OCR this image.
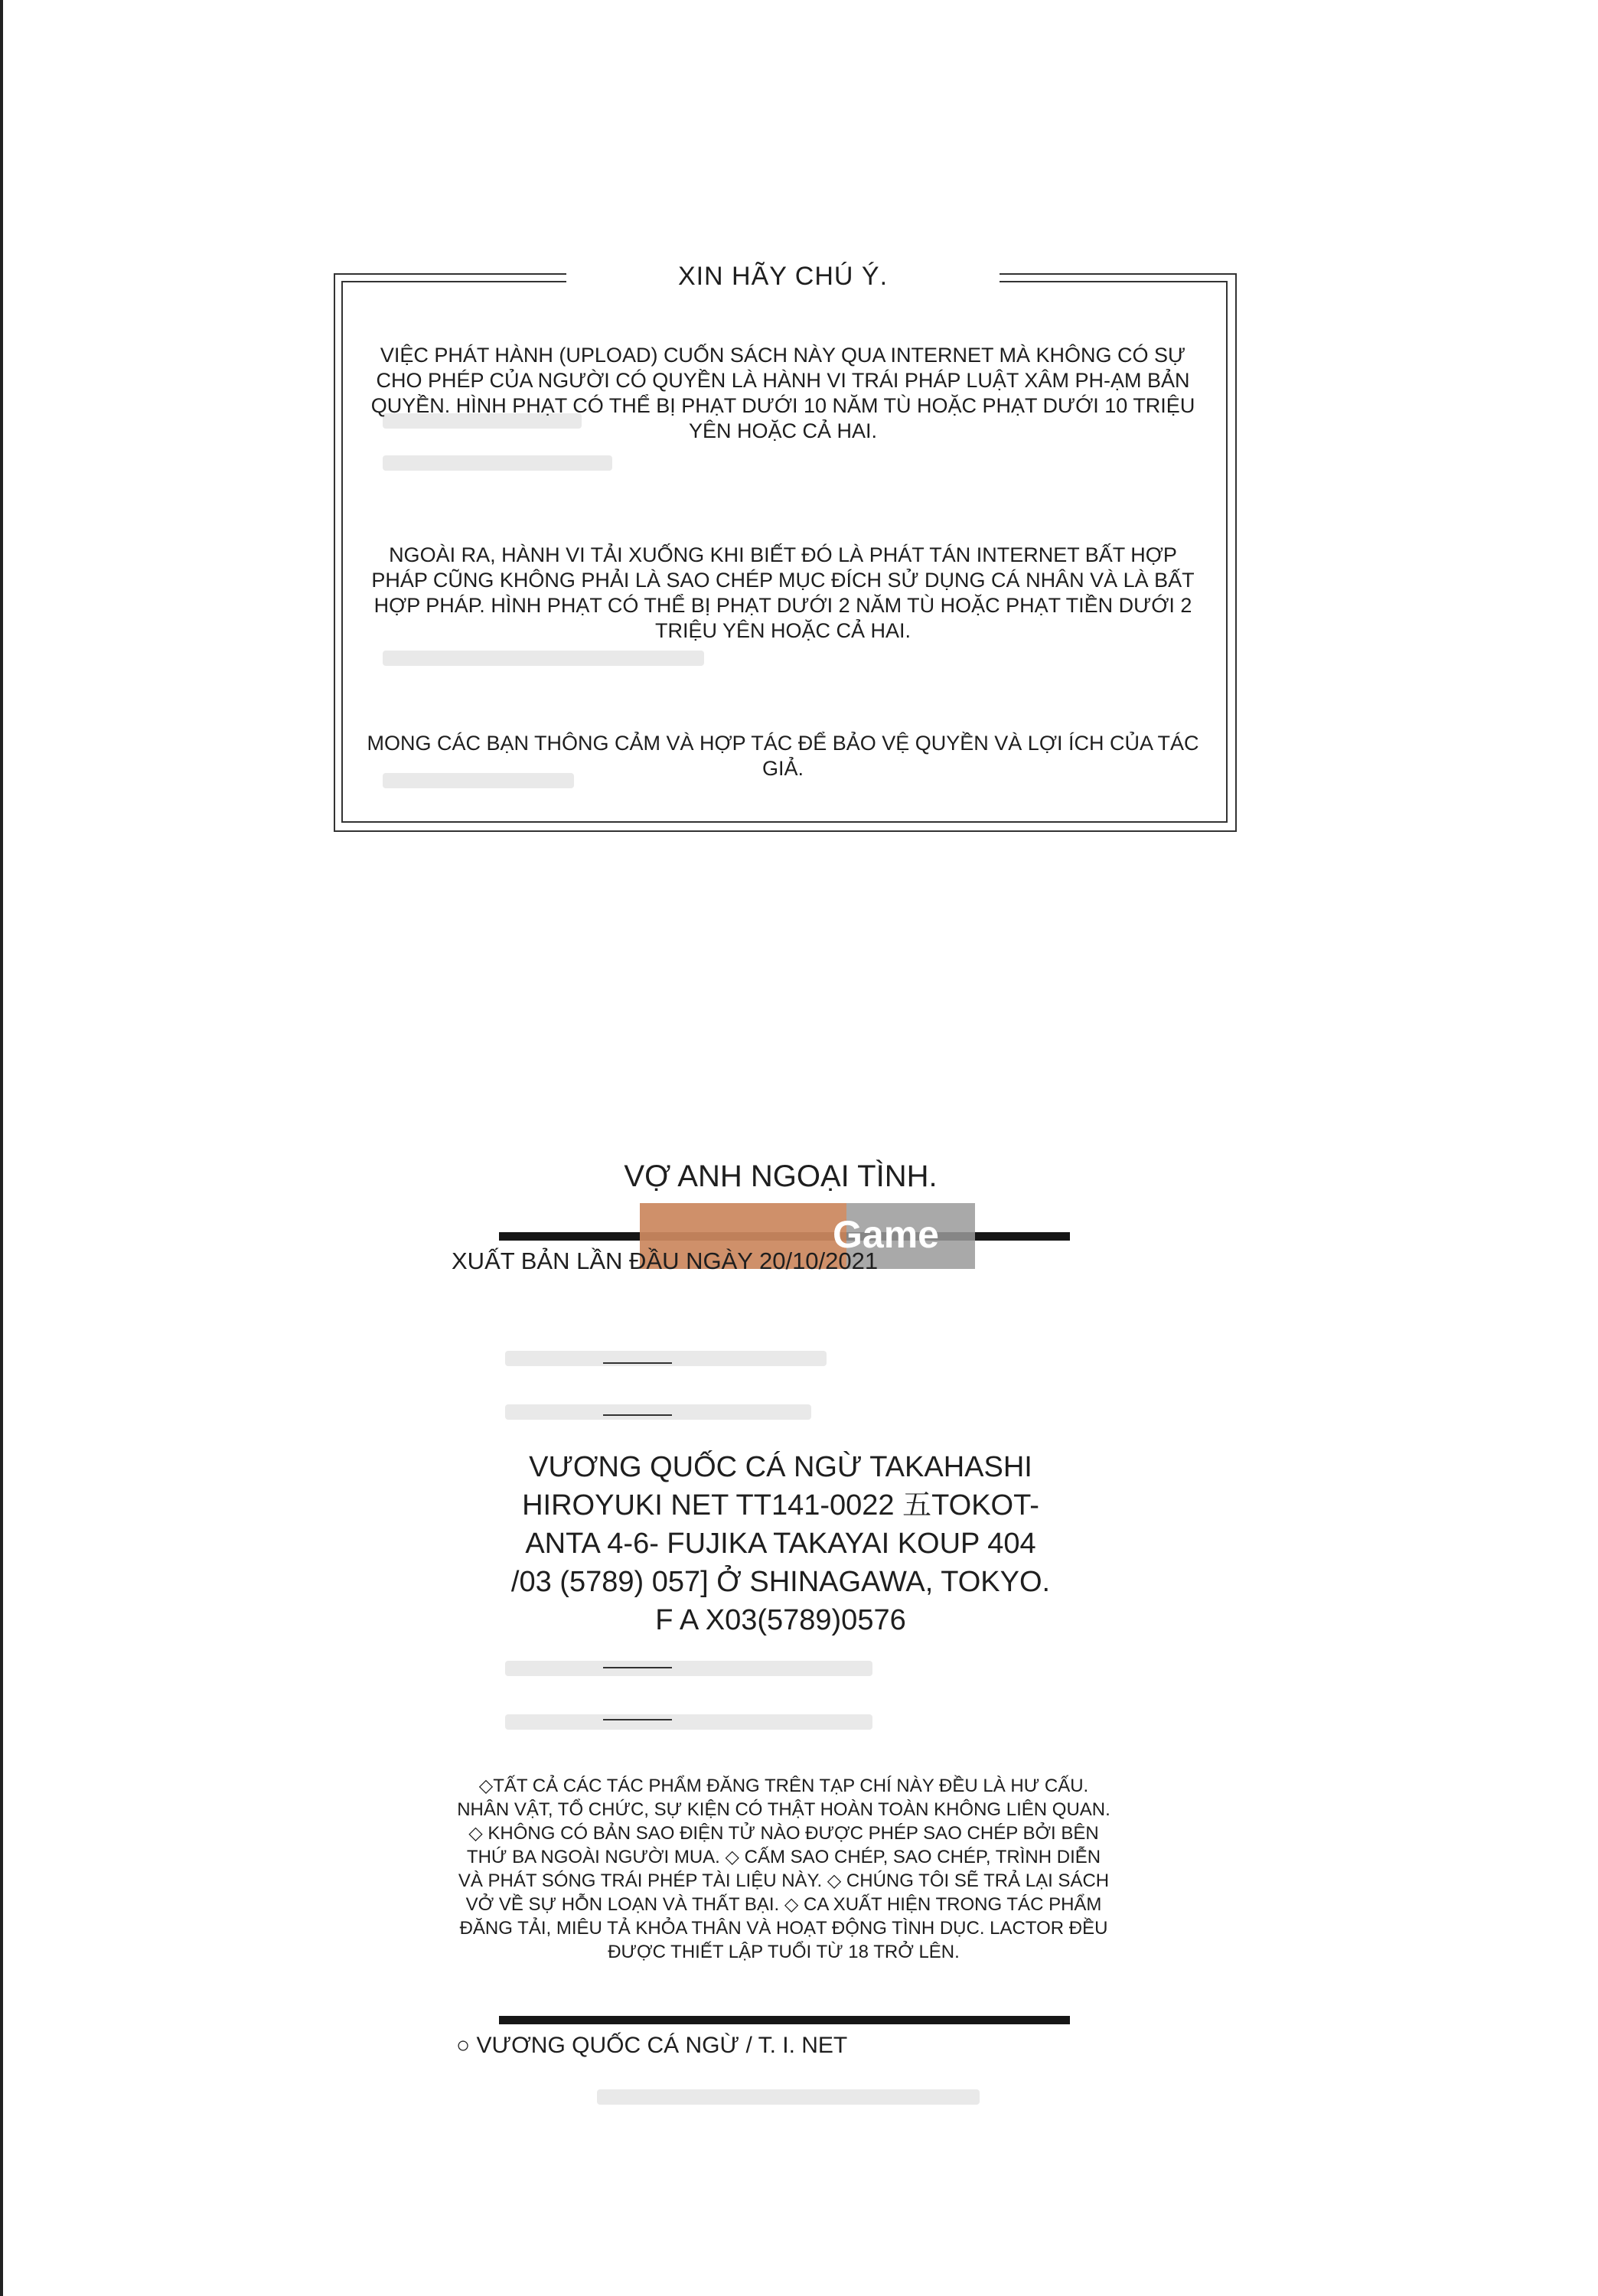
XIN HÃY CHÚ Ý.
VIỆC PHÁT HÀNH (UPLOAD) CUỐN SÁCH NÀY QUA INTERNET MÀ KHÔNG CÓ SỰ CHO PHÉP CỦA NGƯỜI CÓ QUYỀN LÀ HÀNH VI TRÁI PHÁP LUẬT XÂM PH-ẠM BẢN QUYỀN. HÌNH PHẠT CÓ THỂ BỊ PHẠT DƯỚI 10 NĂM TÙ HOẶC PHẠT DƯỚI 10 TRIỆU YÊN HOẶC CẢ HAI.
NGOÀI RA, HÀNH VI TẢI XUỐNG KHI BIẾT ĐÓ LÀ PHÁT TÁN INTERNET BẤT HỢP PHÁP CŨNG KHÔNG PHẢI LÀ SAO CHÉP MỤC ĐÍCH SỬ DỤNG CÁ NHÂN VÀ LÀ BẤT HỢP PHÁP. HÌNH PHẠT CÓ THỂ BỊ PHẠT DƯỚI 2 NĂM TÙ HOẶC PHẠT TIỀN DƯỚI 2 TRIỆU YÊN HOẶC CẢ HAI.
MONG CÁC BẠN THÔNG CẢM VÀ HỢP TÁC ĐỂ BẢO VỆ QUYỀN VÀ LỢI ÍCH CỦA TÁC GIẢ.
VỢ ANH NGOẠI TÌNH.
Game
XUẤT BẢN LẦN ĐẦU NGÀY 20/10/2021
VƯƠNG QUỐC CÁ NGỪ TAKAHASHI
HIROYUKI NET TT141-0022 五TOKOT-
ANTA 4-6- FUJIKA TAKAYAI KOUP 404
/03 (5789) 057] Ở SHINAGAWA, TOKYO.
F A X03(5789)0576
◇TẤT CẢ CÁC TÁC PHẨM ĐĂNG TRÊN TẠP CHÍ NÀY ĐỀU LÀ HƯ CẤU. NHÂN VẬT, TỔ CHỨC, SỰ KIỆN CÓ THẬT HOÀN TOÀN KHÔNG LIÊN QUAN. ◇ KHÔNG CÓ BẢN SAO ĐIỆN TỬ NÀO ĐƯỢC PHÉP SAO CHÉP BỞI BÊN THỨ BA NGOÀI NGƯỜI MUA. ◇ CẤM SAO CHÉP, SAO CHÉP, TRÌNH DIỄN VÀ PHÁT SÓNG TRÁI PHÉP TÀI LIỆU NÀY. ◇ CHÚNG TÔI SẼ TRẢ LẠI SÁCH VỞ VỀ SỰ HỖN LOẠN VÀ THẤT BẠI. ◇ CA XUẤT HIỆN TRONG TÁC PHẨM ĐĂNG TẢI, MIÊU TẢ KHỎA THÂN VÀ HOẠT ĐỘNG TÌNH DỤC. LACTOR ĐỀU ĐƯỢC THIẾT LẬP TUỔI TỪ 18 TRỞ LÊN.
○ VƯƠNG QUỐC CÁ NGỪ / T. I. NET
